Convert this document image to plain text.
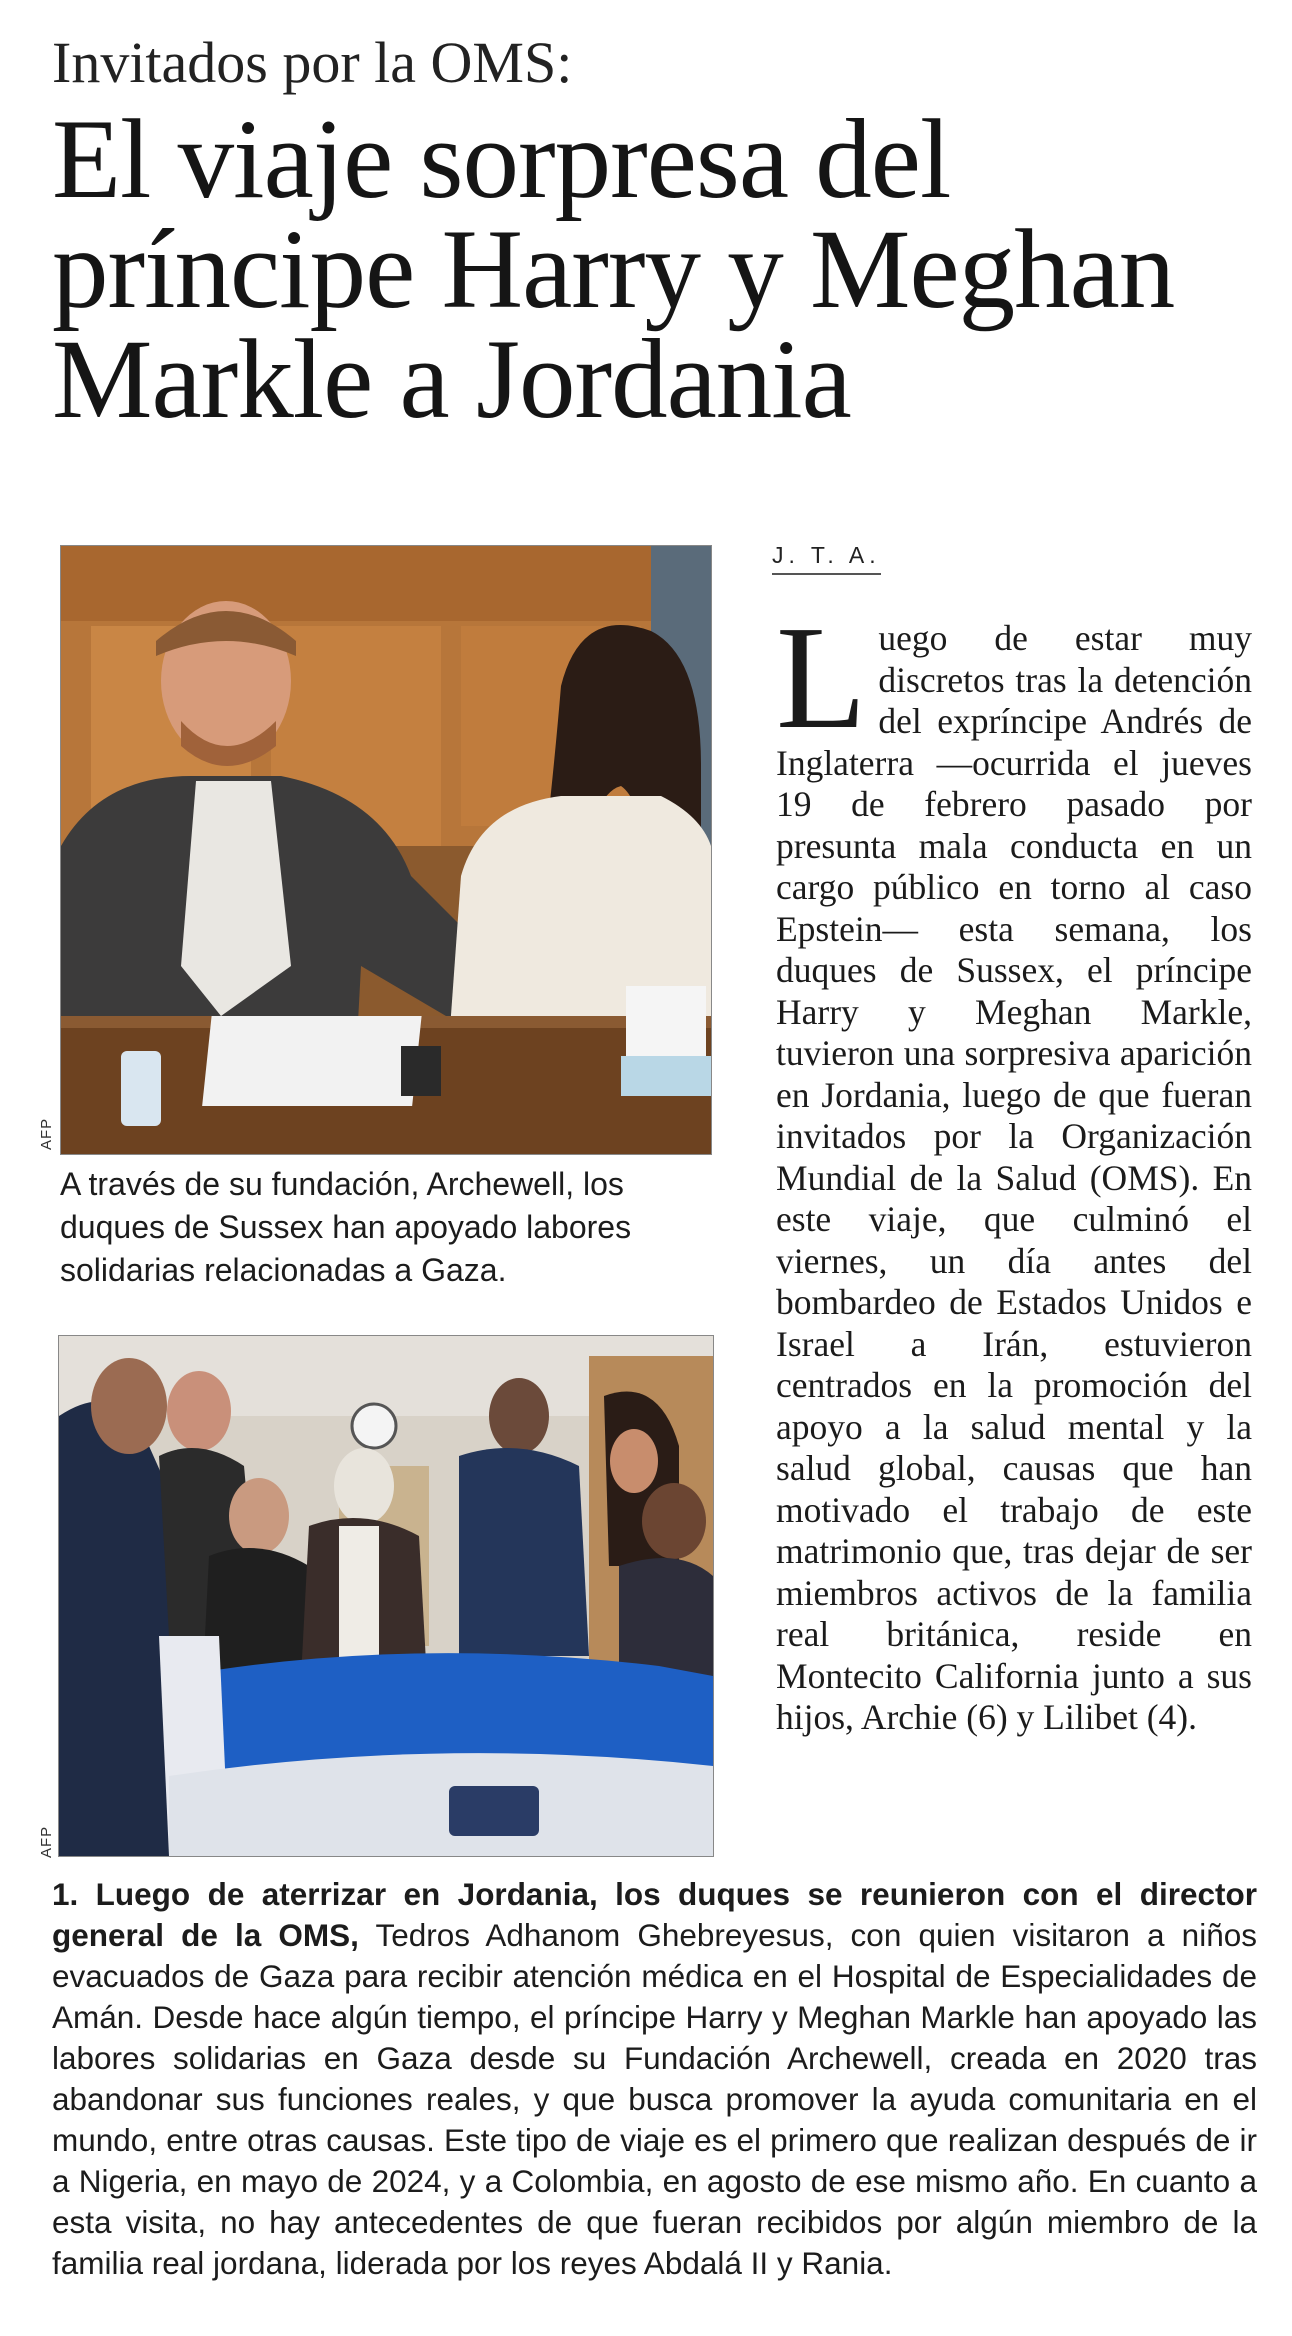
Invitados por la OMS:
El viaje sorpresa del príncipe Harry y Meghan Markle a Jordania
AFP
A través de su fundación, Archewell, los duques de Sussex han apoyado labores solidarias relacionadas a Gaza.
AFP
J. T. A.
Luego de estar muy discretos tras la detención del expríncipe Andrés de Inglaterra —ocurrida el jueves 19 de febrero pasado por presunta mala conducta en un cargo público en torno al caso Epstein— esta semana, los duques de Sussex, el príncipe Harry y Meghan Markle, tuvieron una sorpresiva aparición en Jordania, luego de que fueran invitados por la Organización Mundial de la Salud (OMS). En este viaje, que culminó el viernes, un día antes del bombardeo de Estados Unidos e Israel a Irán, estuvieron centrados en la promoción del apoyo a la salud mental y la salud global, causas que han motivado el trabajo de este matrimonio que, tras dejar de ser miembros activos de la familia real británica, reside en Montecito California junto a sus hijos, Archie (6) y Lilibet (4).
1. Luego de aterrizar en Jordania, los duques se reunieron con el director general de la OMS, Tedros Adhanom Ghebreyesus, con quien visitaron a niños evacuados de Gaza para recibir atención médica en el Hospital de Especialidades de Amán. Desde hace algún tiempo, el príncipe Harry y Meghan Markle han apoyado las labores solidarias en Gaza desde su Fundación Archewell, creada en 2020 tras abandonar sus funciones reales, y que busca promover la ayuda comunitaria en el mundo, entre otras causas. Este tipo de viaje es el primero que realizan después de ir a Nigeria, en mayo de 2024, y a Colombia, en agosto de ese mismo año. En cuanto a esta visita, no hay antecedentes de que fueran recibidos por algún miembro de la familia real jordana, liderada por los reyes Abdalá II y Rania.
